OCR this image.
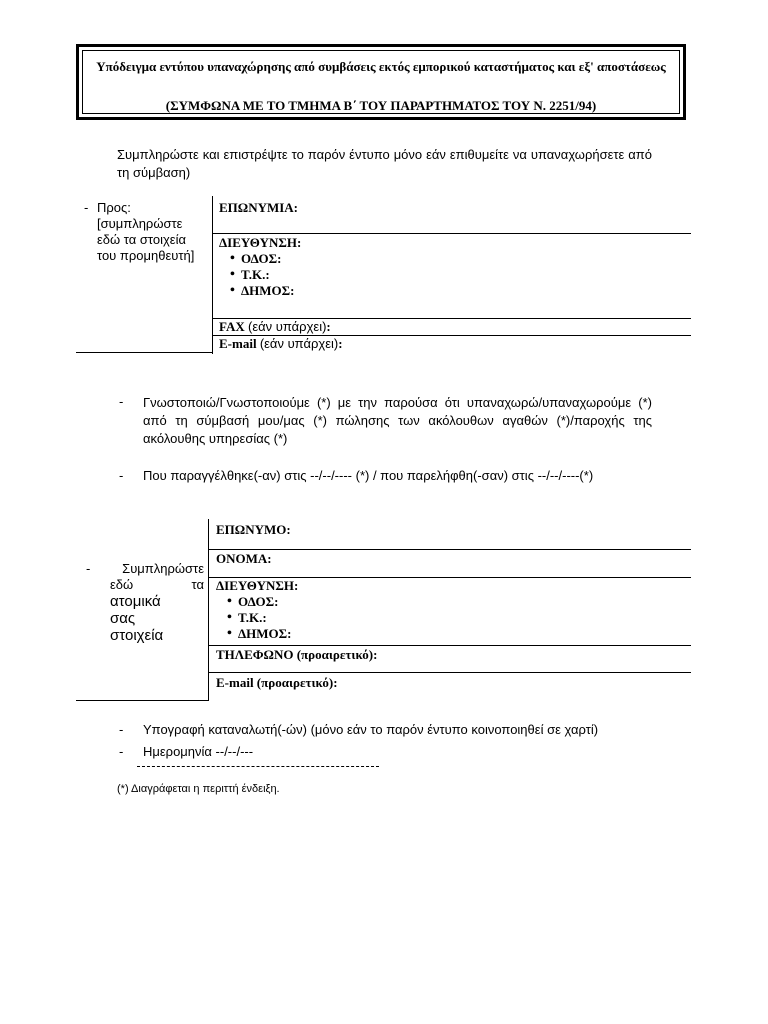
Υπόδειγμα εντύπου υπαναχώρησης από συμβάσεις εκτός εμπορικού καταστήματος και εξ' αποστάσεως
(ΣΥΜΦΩΝΑ ΜΕ ΤΟ ΤΜΗΜΑ Β΄ ΤΟΥ ΠΑΡΑΡΤΗΜΑΤΟΣ ΤΟΥ Ν. 2251/94)
Συμπληρώστε και επιστρέψτε το παρόν έντυπο μόνο εάν επιθυμείτε να υπαναχωρήσετε από τη σύμβαση)
- Προς:
[συμπληρώστε
εδώ τα στοιχεία
του προμηθευτή]
ΕΠΩΝΥΜΙΑ:
ΔΙΕΥΘΥΝΣΗ:
• ΟΔΟΣ:
• Τ.Κ.:
• ΔΗΜΟΣ:
FAX (εάν υπάρχει):
E-mail (εάν υπάρχει):
- Γνωστοποιώ/Γνωστοποιούμε (*) με την παρούσα ότι υπαναχωρώ/υπαναχωρούμε (*) από τη σύμβασή μου/μας (*) πώλησης των ακόλουθων αγαθών (*)/παροχής της ακόλουθης υπηρεσίας (*)
- Που παραγγέλθηκε(-αν) στις --/--/---- (*) / που παρελήφθη(-σαν) στις --/--/----(*)
-	Συμπληρώστε
εδώ	τα
ατομικά
σας
στοιχεία
ΕΠΩΝΥΜΟ:
ΟΝΟΜΑ:
ΔΙΕΥΘΥΝΣΗ:
• ΟΔΟΣ:
• Τ.Κ.:
• ΔΗΜΟΣ:
ΤΗΛΕΦΩΝΟ (προαιρετικό):
E-mail (προαιρετικό):
- Υπογραφή καταναλωτή(-ών) (μόνο εάν το παρόν έντυπο κοινοποιηθεί σε χαρτί)
- Ημερομηνία --/--/---
(*) Διαγράφεται η περιττή ένδειξη.
